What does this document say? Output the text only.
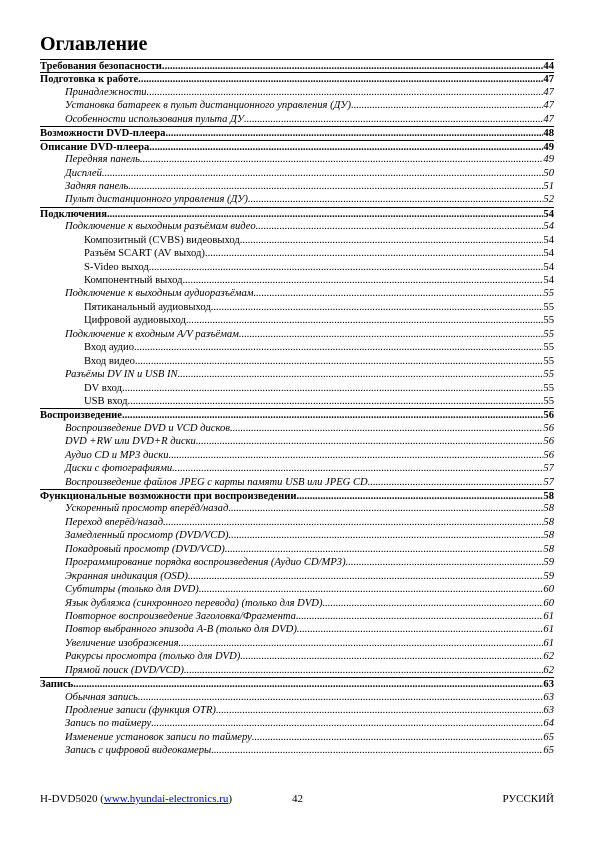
Оглавление
Требования безопасности .....	44
Подготовка к работе .....	47
Принадлежности .....	47
Установка батареек в пульт дистанционного управления (ДУ) .....	47
Особенности использования пульта ДУ .....	47
Возможности DVD-плеера .....	48
Описание DVD-плеера .....	49
Передняя панель .....	49
Дисплей .....	50
Задняя панель .....	51
Пульт дистанционного управления (ДУ) .....	52
Подключения .....	54
Подключение к выходным разъёмам видео. .....	54
Композитный (CVBS) видеовыход .....	54
Разъём SCART (AV выход) .....	54
S-Video выход .....	54
Компонентный выход .....	54
Подключение к выходным аудиоразъёмам .....	55
Пятиканальный аудиовыход .....	55
Цифровой аудиовыход .....	55
Подключение к входным A/V разъёмам .....	55
Вход аудио .....	55
Вход видео .....	55
Разъёмы DV IN и USB IN .....	55
DV вход .....	55
USB вход .....	55
Воспроизведение .....	56
Воспроизведение DVD и VCD дисков .....	56
DVD +RW или DVD+R диски .....	56
Аудио CD и MP3 диски .....	56
Диски с фотографиями .....	57
Воспроизведение файлов JPEG с карты памяти USB или JPEG CD .....	57
Функциональные возможности при воспроизведении .....	58
Ускоренный просмотр вперёд/назад .....	58
Переход вперёд/назад .....	58
Замедленный просмотр (DVD/VCD) .....	58
Покадровый просмотр (DVD/VCD) .....	58
Программирование порядка воспроизведения (Аудио CD/MP3) .....	59
Экранная индикация (OSD) .....	59
Субтитры (только для DVD) .....	60
Язык дубляжа (синхронного перевода) (только для DVD) .....	60
Повторное воспроизведение Заголовка/Фрагмента .....	61
Повтор выбранного эпизода A-B (только для DVD) .....	61
Увеличение изображения .....	61
Ракурсы просмотра (только для DVD) .....	62
Прямой поиск (DVD/VCD) .....	62
Запись .....	63
Обычная запись .....	63
Продление записи (функция OTR) .....	63
Запись по таймеру .....	64
Изменение установок записи по таймеру .....	65
Запись с цифровой видеокамеры .....	65
H-DVD5020 (www.hyundai-electronics.ru)	42	РУССКИЙ
